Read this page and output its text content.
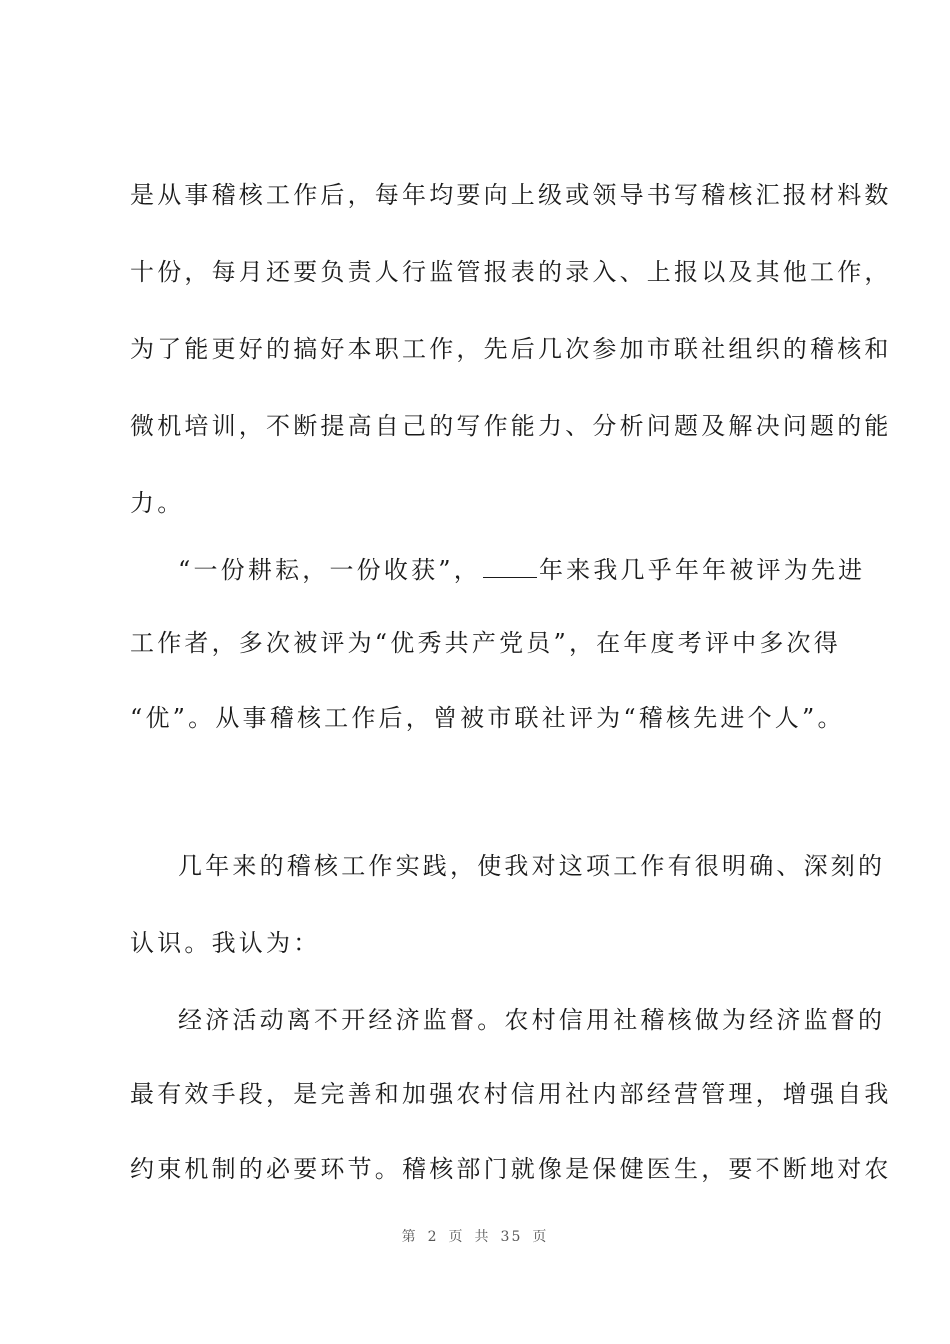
是从事稽核工作后，每年均要向上级或领导书写稽核汇报材料数
十份，每月还要负责人行监管报表的录入、上报以及其他工作，
为了能更好的搞好本职工作，先后几次参加市联社组织的稽核和
微机培训，不断提高自己的写作能力、分析问题及解决问题的能
力。
“一份耕耘，一份收获”， 年来我几乎年年被评为先进
工作者，多次被评为“优秀共产党员”，在年度考评中多次得
“优”。从事稽核工作后，曾被市联社评为“稽核先进个人”。
几年来的稽核工作实践，使我对这项工作有很明确、深刻的
认识。我认为：
经济活动离不开经济监督。农村信用社稽核做为经济监督的
最有效手段，是完善和加强农村信用社内部经营管理，增强自我
约束机制的必要环节。稽核部门就像是保健医生，要不断地对农
第 2 页 共 35 页
